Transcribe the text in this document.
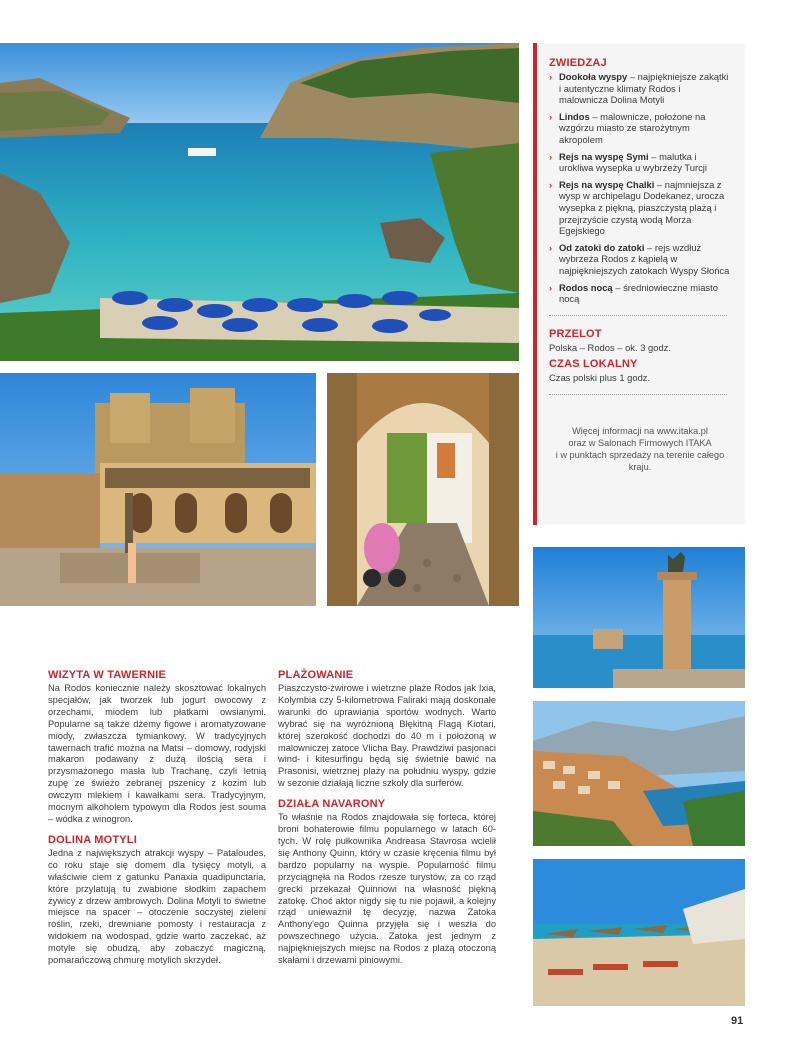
ZWIEDZAJ
› Dookoła wyspy – najpiękniejsze zakątki i autentyczne klimaty Rodos i malownicza Dolina Motyli
› Lindos – malownicze, położone na wzgórzu miasto ze starożytnym akropolem
› Rejs na wyspę Symi – malutka i urokliwa wysepka u wybrzeży Turcji
› Rejs na wyspę Chalki – najmniejsza z wysp w archipelagu Dodekanez, urocza wysepka z piękną, piaszczystą plażą i przejrzyście czystą wodą Morza Egejskiego
› Od zatoki do zatoki – rejs wzdłuż wybrzeża Rodos z kąpielą w najpiękniejszych zatokach Wyspy Słońca
› Rodos nocą – średniowieczne miasto nocą
PRZELOT
Polska – Rodos – ok. 3 godz.
CZAS LOKALNY
Czas polski plus 1 godz.
Więcej informacji na www.itaka.pl
oraz w Salonach Firmowych ITAKA
i w punktach sprzedaży na terenie całego kraju.
WIZYTA W TAWERNIE

Na Rodos koniecznie należy skosztować lokalnych specjałów, jak tworzek lub jogurt owocowy z orzechami, miodem lub płatkami owsianymi. Popularne są także dżemy figowe i aromatyzowane miody, zwłaszcza tymiankowy. W tradycyjnych tawernach trafić można na Matsi – domowy, rodyjski makaron podawany z dużą ilością sera i przysmażonego masła lub Trachanę, czyli letnią zupę ze świeżo zebranej pszenicy z kozim lub owczym mlekiem i kawałkami sera. Tradycyjnym, mocnym alkoholem typowym dla Rodos jest souma – wódka z winogron.

DOLINA MOTYLI

Jedna z największych atrakcji wyspy – Pataloudes, co roku staje się domem dla tysięcy motyli, a właściwie ciem z gatunku Panaxia quadipunctaria, które przylatują tu zwabione słodkim zapachem żywicy z drzew ambrowych. Dolina Motyli to świetne miejsce na spacer – otoczenie soczystej zieleni roślin, rzeki, drewniane pomosty i restauracja z widokiem na wodospad, gdzie warto zaczekać, aż motyle się obudzą, aby zobaczyć magiczną, pomarańczową chmurę motylich skrzydeł.

PLAŻOWANIE

Piaszczysto-żwirowe i wietrzne plaże Rodos jak Ixia, Kolymbia czy 5-kilometrowa Faliraki mają doskonałe warunki do uprawiania sportów wodnych. Warto wybrać się na wyróżnioną Błękitną Flagą Kiotari, której szerokość dochodzi do 40 m i położoną w malowniczej zatoce Vlicha Bay. Prawdziwi pasjonaci wind- i kitesurfingu będą się świetnie bawić na Prasonisi, wietrznej plaży na południu wyspy, gdzie w sezonie działają liczne szkoły dla surferów.

DZIAŁA NAVARONY

To właśnie na Rodos znajdowała się forteca, której broni bohaterowie filmu popularnego w latach 60-tych. W rolę pułkownika Andreasa Stavrosa wcielił się Anthony Quinn, który w czasie kręcenia filmu był bardzo popularny na wyspie. Popularność filmu przyciągnęła na Rodos rzesze turystów, za co rząd grecki przekazał Quinnowi na własność piękną zatokę. Choć aktor nigdy się tu nie pojawił, a kolejny rząd unieważnił tę decyzję, nazwa Zatoka Anthony'ego Quinna przyjęła się i weszła do powszechnego użycia. Zatoka jest jednym z najpiękniejszych miejsc na Rodos z plażą otoczoną skałami i drzewami piniowymi.

91
